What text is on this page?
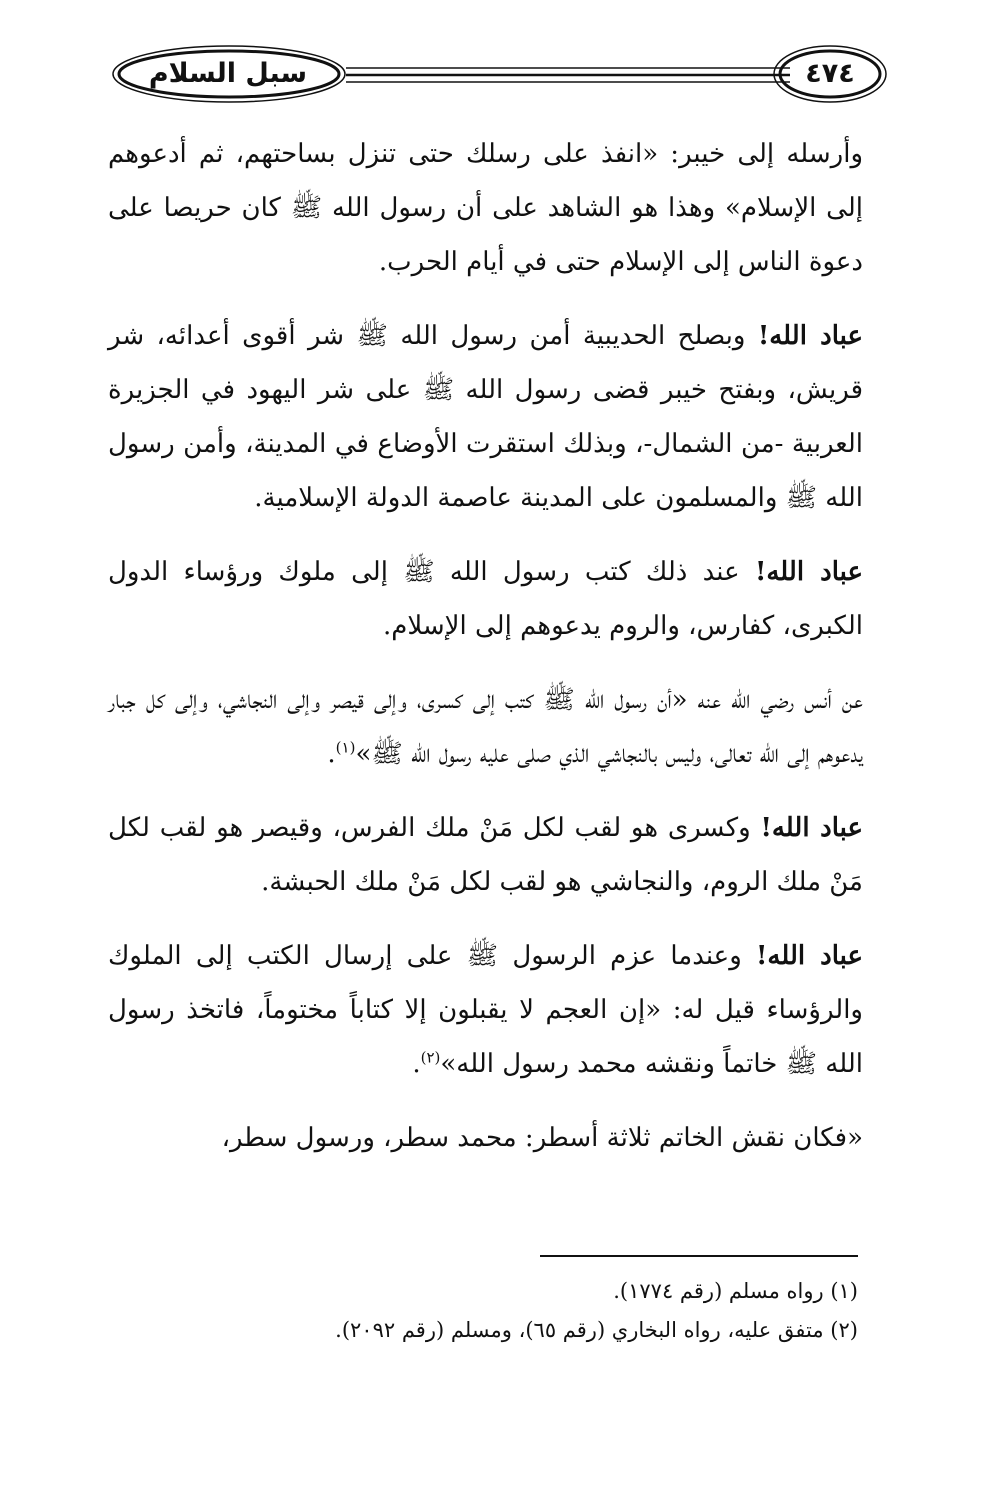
سبل السلام	٤٧٤

وأرسله إلى خيبر: «انفذ على رسلك حتى تنزل بساحتهم، ثم أدعوهم إلى الإسلام» وهذا هو الشاهد على أن رسول الله ﷺ كان حريصا على دعوة الناس إلى الإسلام حتى في أيام الحرب.

عباد الله! وبصلح الحديبية أمن رسول الله ﷺ شر أقوى أعدائه، شر قريش، وبفتح خيبر قضى رسول الله ﷺ على شر اليهود في الجزيرة العربية -من الشمال-، وبذلك استقرت الأوضاع في المدينة، وأمن رسول الله ﷺ والمسلمون على المدينة عاصمة الدولة الإسلامية.

عباد الله! عند ذلك كتب رسول الله ﷺ إلى ملوك ورؤساء الدول الكبرى، كفارس، والروم يدعوهم إلى الإسلام.

عن أنس رضي الله عنه «أن رسول الله ﷺ كتب إلى كسرى، وإلى قيصر وإلى النجاشي، وإلى كل جبار يدعوهم إلى الله تعالى، وليس بالنجاشي الذي صلى عليه رسول الله ﷺ»$^{(١)}$.

عباد الله! وكسرى هو لقب لكل مَنْ ملك الفرس، وقيصر هو لقب لكل مَنْ ملك الروم، والنجاشي هو لقب لكل مَنْ ملك الحبشة.

عباد الله! وعندما عزم الرسول ﷺ على إرسال الكتب إلى الملوك والرؤساء قيل له: «إن العجم لا يقبلون إلا كتاباً مختوماً، فاتخذ رسول الله ﷺ خاتماً ونقشه محمد رسول الله»$^{(٢)}$.

«فكان نقش الخاتم ثلاثة أسطر: محمد سطر، ورسول سطر،

(١) رواه مسلم (رقم ١٧٧٤).

(٢) متفق عليه، رواه البخاري (رقم ٦٥)، ومسلم (رقم ٢٠٩٢).
